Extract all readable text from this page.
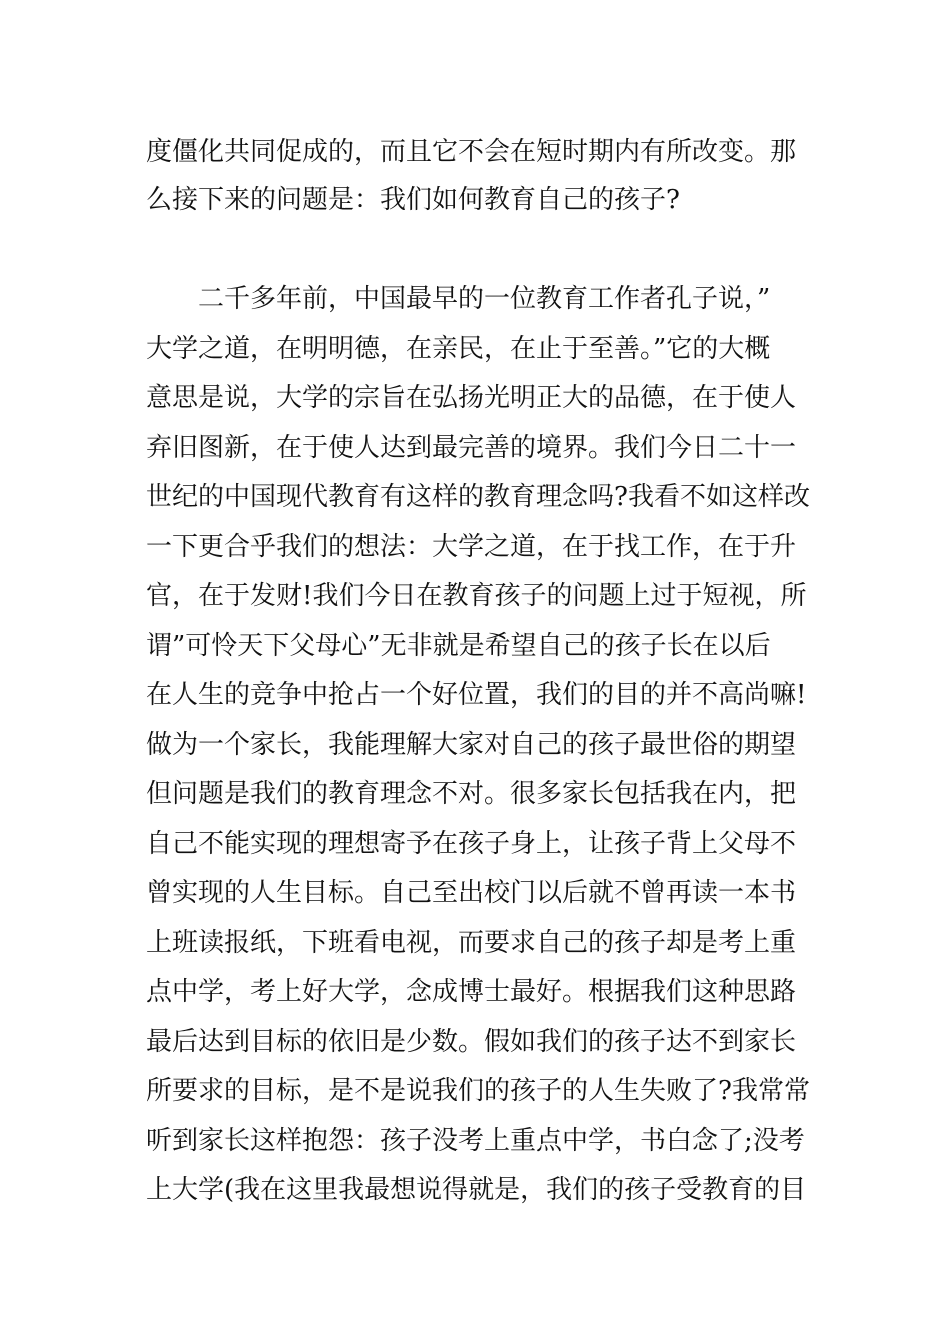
度僵化共同促成的，而且它不会在短时期内有所改变。那
么接下来的问题是：我们如何教育自己的孩子?
二千多年前，中国最早的一位教育工作者孔子说，”
大学之道，在明明德，在亲民，在止于至善。”它的大概
意思是说，大学的宗旨在弘扬光明正大的品德，在于使人
弃旧图新，在于使人达到最完善的境界。我们今日二十一
世纪的中国现代教育有这样的教育理念吗?我看不如这样改
一下更合乎我们的想法：大学之道，在于找工作，在于升
官，在于发财!我们今日在教育孩子的问题上过于短视，所
谓”可怜天下父母心”无非就是希望自己的孩子长在以后
在人生的竞争中抢占一个好位置，我们的目的并不高尚嘛!
做为一个家长，我能理解大家对自己的孩子最世俗的期望
但问题是我们的教育理念不对。很多家长包括我在内，把
自己不能实现的理想寄予在孩子身上，让孩子背上父母不
曾实现的人生目标。自己至出校门以后就不曾再读一本书
上班读报纸，下班看电视，而要求自己的孩子却是考上重
点中学，考上好大学，念成博士最好。根据我们这种思路
最后达到目标的依旧是少数。假如我们的孩子达不到家长
所要求的目标，是不是说我们的孩子的人生失败了?我常常
听到家长这样抱怨：孩子没考上重点中学，书白念了;没考
上大学(我在这里我最想说得就是，我们的孩子受教育的目
